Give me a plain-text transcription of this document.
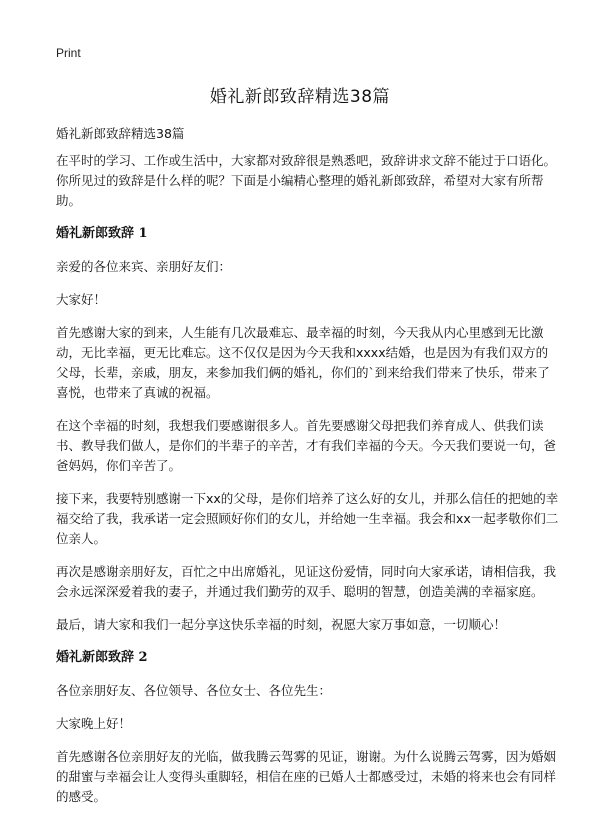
Print
婚礼新郎致辞精选38篇

婚礼新郎致辞精选38篇

在平时的学习、工作或生活中，大家都对致辞很是熟悉吧，致辞讲求文辞不能过于口语化。你所见过的致辞是什么样的呢？下面是小编精心整理的婚礼新郎致辞，希望对大家有所帮助。

婚礼新郎致辞 1

亲爱的各位来宾、亲朋好友们：

大家好！

首先感谢大家的到来，人生能有几次最难忘、最幸福的时刻，今天我从内心里感到无比激动，无比幸福，更无比难忘。这不仅仅是因为今天我和xxxx结婚，也是因为有我们双方的父母，长辈，亲戚，朋友，来参加我们俩的婚礼，你们的`到来给我们带来了快乐，带来了喜悦，也带来了真诚的祝福。

在这个幸福的时刻，我想我们要感谢很多人。首先要感谢父母把我们养育成人、供我们读书、教导我们做人，是你们的半辈子的辛苦，才有我们幸福的今天。今天我们要说一句，爸爸妈妈，你们辛苦了。

接下来，我要特别感谢一下xx的父母，是你们培养了这么好的女儿，并那么信任的把她的幸福交给了我，我承诺一定会照顾好你们的女儿，并给她一生幸福。我会和xx一起孝敬你们二位亲人。

再次是感谢亲朋好友，百忙之中出席婚礼，见证这份爱情，同时向大家承诺，请相信我，我会永远深深爱着我的妻子，并通过我们勤劳的双手、聪明的智慧，创造美满的幸福家庭。

最后，请大家和我们一起分享这快乐幸福的时刻，祝愿大家万事如意，一切顺心！

婚礼新郎致辞 2

各位亲朋好友、各位领导、各位女士、各位先生：

大家晚上好！

首先感谢各位亲朋好友的光临，做我腾云驾雾的见证，谢谢。为什么说腾云驾雾，因为婚姻的甜蜜与幸福会让人变得头重脚轻，相信在座的已婚人士都感受过，未婚的将来也会有同样的感受。
